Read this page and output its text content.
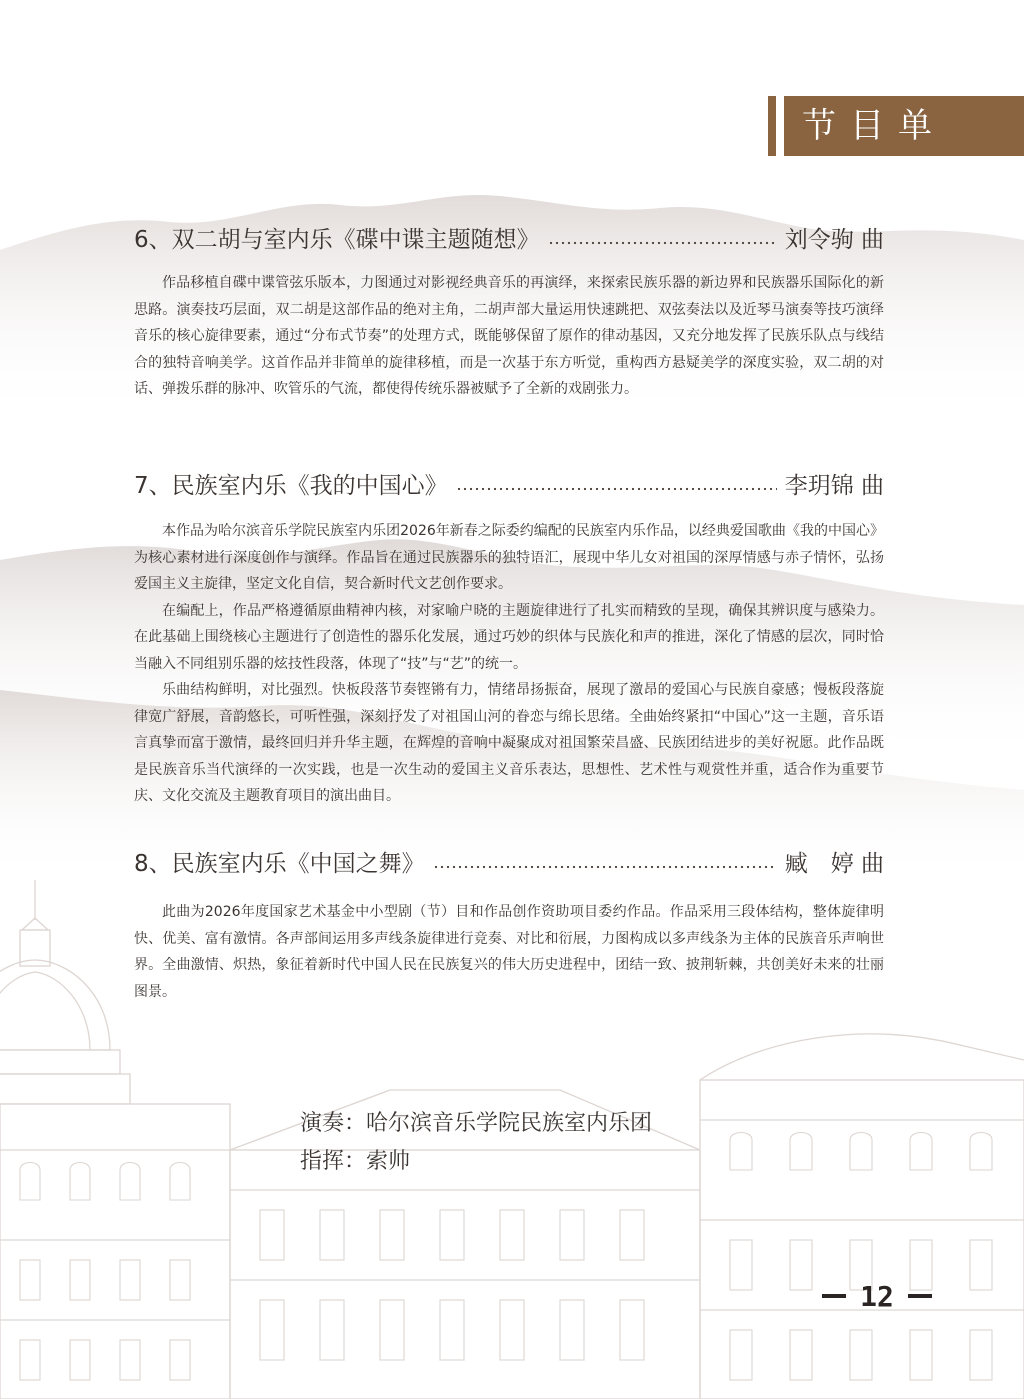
节目单
6、双二胡与室内乐《碟中谍主题随想》	刘令驹 曲

作品移植自碟中谍管弦乐版本，力图通过对影视经典音乐的再演绎，来探索民族乐器的新边界和民族器乐国际化的新思路。演奏技巧层面，双二胡是这部作品的绝对主角，二胡声部大量运用快速跳把、双弦奏法以及近琴马演奏等技巧演绎音乐的核心旋律要素，通过“分布式节奏”的处理方式，既能够保留了原作的律动基因，又充分地发挥了民族乐队点与线结合的独特音响美学。这首作品并非简单的旋律移植，而是一次基于东方听觉，重构西方悬疑美学的深度实验，双二胡的对话、弹拨乐群的脉冲、吹管乐的气流，都使得传统乐器被赋予了全新的戏剧张力。

7、民族室内乐《我的中国心》	李玥锦 曲

本作品为哈尔滨音乐学院民族室内乐团2026年新春之际委约编配的民族室内乐作品，以经典爱国歌曲《我的中国心》为核心素材进行深度创作与演绎。作品旨在通过民族器乐的独特语汇，展现中华儿女对祖国的深厚情感与赤子情怀，弘扬爱国主义主旋律，坚定文化自信，契合新时代文艺创作要求。

在编配上，作品严格遵循原曲精神内核，对家喻户晓的主题旋律进行了扎实而精致的呈现，确保其辨识度与感染力。在此基础上围绕核心主题进行了创造性的器乐化发展，通过巧妙的织体与民族化和声的推进，深化了情感的层次，同时恰当融入不同组别乐器的炫技性段落，体现了“技”与“艺”的统一。

乐曲结构鲜明，对比强烈。快板段落节奏铿锵有力，情绪昂扬振奋，展现了激昂的爱国心与民族自豪感；慢板段落旋律宽广舒展，音韵悠长，可听性强，深刻抒发了对祖国山河的眷恋与绵长思绪。全曲始终紧扣“中国心”这一主题，音乐语言真挚而富于激情，最终回归并升华主题，在辉煌的音响中凝聚成对祖国繁荣昌盛、民族团结进步的美好祝愿。此作品既是民族音乐当代演绎的一次实践，也是一次生动的爱国主义音乐表达，思想性、艺术性与观赏性并重，适合作为重要节庆、文化交流及主题教育项目的演出曲目。

8、民族室内乐《中国之舞》	臧　婷 曲

此曲为2026年度国家艺术基金中小型剧（节）目和作品创作资助项目委约作品。作品采用三段体结构，整体旋律明快、优美、富有激情。各声部间运用多声线条旋律进行竞奏、对比和衍展，力图构成以多声线条为主体的民族音乐声响世界。全曲激情、炽热，象征着新时代中国人民在民族复兴的伟大历史进程中，团结一致、披荆斩棘，共创美好未来的壮丽图景。

演奏：哈尔滨音乐学院民族室内乐团
指挥：索帅
12
